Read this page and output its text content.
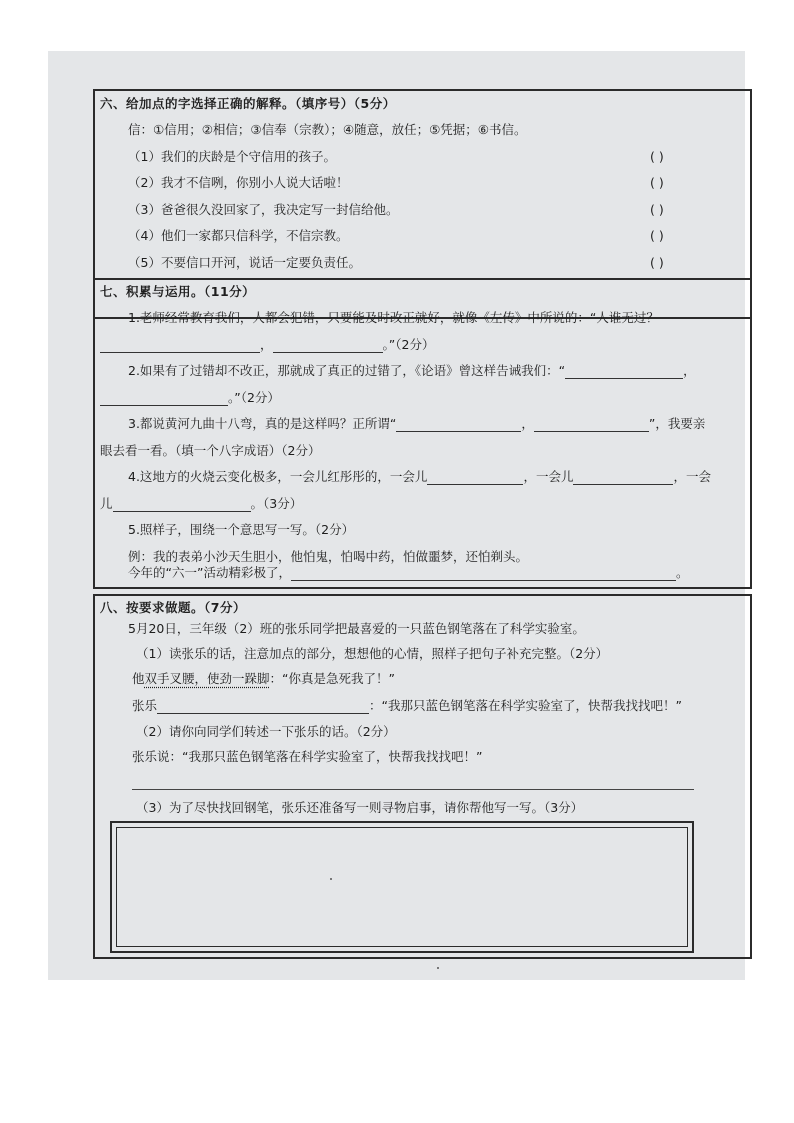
六、给加点的字选择正确的解释。（填序号）（5分）
信：①信用；②相信；③信奉（宗教）；④随意，放任；⑤凭据；⑥书信。
（1）我们的庆龄是个守信用的孩子。	( )
（2）我才不信咧，你别小人说大话啦！	( )
（3）爸爸很久没回家了，我决定写一封信给他。	( )
（4）他们一家都只信科学，不信宗教。	( )
（5）不要信口开河，说话一定要负责任。	( )
七、积累与运用。（11分）
1.老师经常教育我们，人都会犯错，只要能及时改正就好，就像《左传》中所说的：“人谁无过？
，	。”（2分）
2.如果有了过错却不改正，那就成了真正的过错了，《论语》曾这样告诫我们：“	，
。”（2分）
3.都说黄河九曲十八弯，真的是这样吗？正所谓“	，	”，我要亲
眼去看一看。（填一个八字成语）（2分）
4.这地方的火烧云变化极多，一会儿红彤彤的，一会儿	，一会儿	，一会
儿	。（3分）
5.照样子，围绕一个意思写一写。（2分）
例：我的表弟小沙天生胆小，他怕鬼，怕喝中药，怕做噩梦，还怕剃头。
今年的“六一”活动精彩极了，	。
八、按要求做题。（7分）
5月20日，三年级（2）班的张乐同学把最喜爱的一只蓝色钢笔落在了科学实验室。
（1）读张乐的话，注意加点的部分，想想他的心情，照样子把句子补充完整。（2分）
他双手叉腰，使劲一跺脚：“你真是急死我了！”
张乐	：“我那只蓝色钢笔落在科学实验室了，快帮我找找吧！”
（2）请你向同学们转述一下张乐的话。（2分）
张乐说：“我那只蓝色钢笔落在科学实验室了，快帮我找找吧！”
（3）为了尽快找回钢笔，张乐还准备写一则寻物启事，请你帮他写一写。（3分）
